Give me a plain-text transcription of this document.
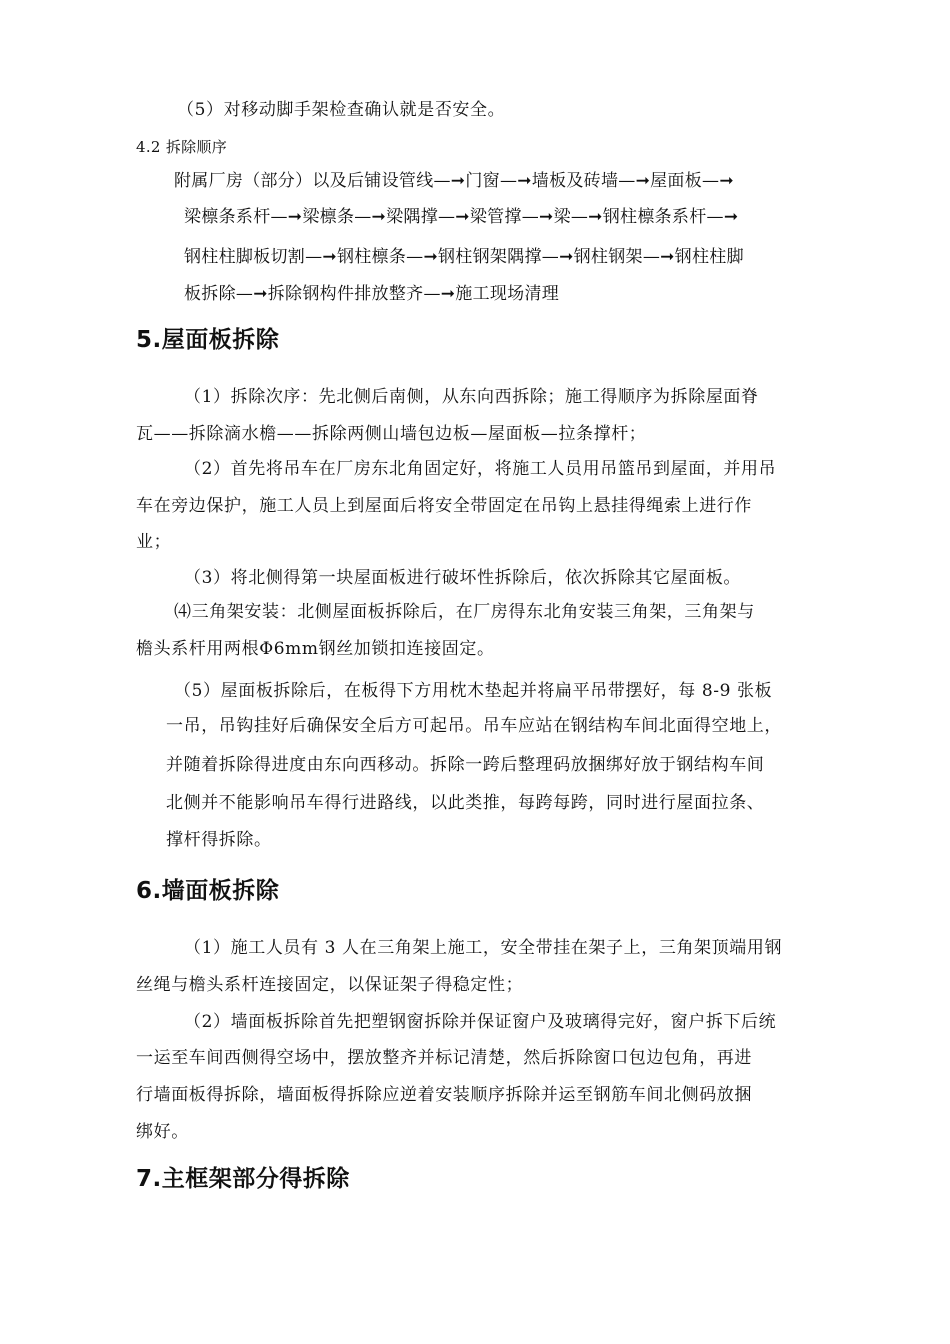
（5）对移动脚手架检查确认就是否安全。
4.2 拆除顺序
附属厂房（部分）以及后铺设管线—➞门窗—➞墙板及砖墙—➞屋面板—➞
梁檩条系杆—➞梁檩条—➞梁隅撑—➞梁管撑—➞梁—➞钢柱檩条系杆—➞
钢柱柱脚板切割—➞钢柱檩条—➞钢柱钢架隅撑—➞钢柱钢架—➞钢柱柱脚
板拆除—➞拆除钢构件排放整齐—➞施工现场清理
5.屋面板拆除
（1）拆除次序：先北侧后南侧，从东向西拆除；施工得顺序为拆除屋面脊
瓦——拆除滴水檐——拆除两侧山墙包边板—屋面板—拉条撑杆；
（2）首先将吊车在厂房东北角固定好，将施工人员用吊篮吊到屋面，并用吊
车在旁边保护，施工人员上到屋面后将安全带固定在吊钩上悬挂得绳索上进行作
业；
（3）将北侧得第一块屋面板进行破坏性拆除后，依次拆除其它屋面板。
⑷三角架安装：北侧屋面板拆除后，在厂房得东北角安装三角架，三角架与
檐头系杆用两根Φ6mm钢丝加锁扣连接固定。
（5）屋面板拆除后，在板得下方用枕木垫起并将扁平吊带摆好，每 8-9 张板
一吊，吊钩挂好后确保安全后方可起吊。吊车应站在钢结构车间北面得空地上，
并随着拆除得进度由东向西移动。拆除一跨后整理码放捆绑好放于钢结构车间
北侧并不能影响吊车得行进路线，以此类推，每跨每跨，同时进行屋面拉条、
撑杆得拆除。
6.墙面板拆除
（1）施工人员有 3 人在三角架上施工，安全带挂在架子上，三角架顶端用钢
丝绳与檐头系杆连接固定，以保证架子得稳定性；
（2）墙面板拆除首先把塑钢窗拆除并保证窗户及玻璃得完好，窗户拆下后统
一运至车间西侧得空场中，摆放整齐并标记清楚，然后拆除窗口包边包角，再进
行墙面板得拆除，墙面板得拆除应逆着安装顺序拆除并运至钢筋车间北侧码放捆
绑好。
7.主框架部分得拆除
